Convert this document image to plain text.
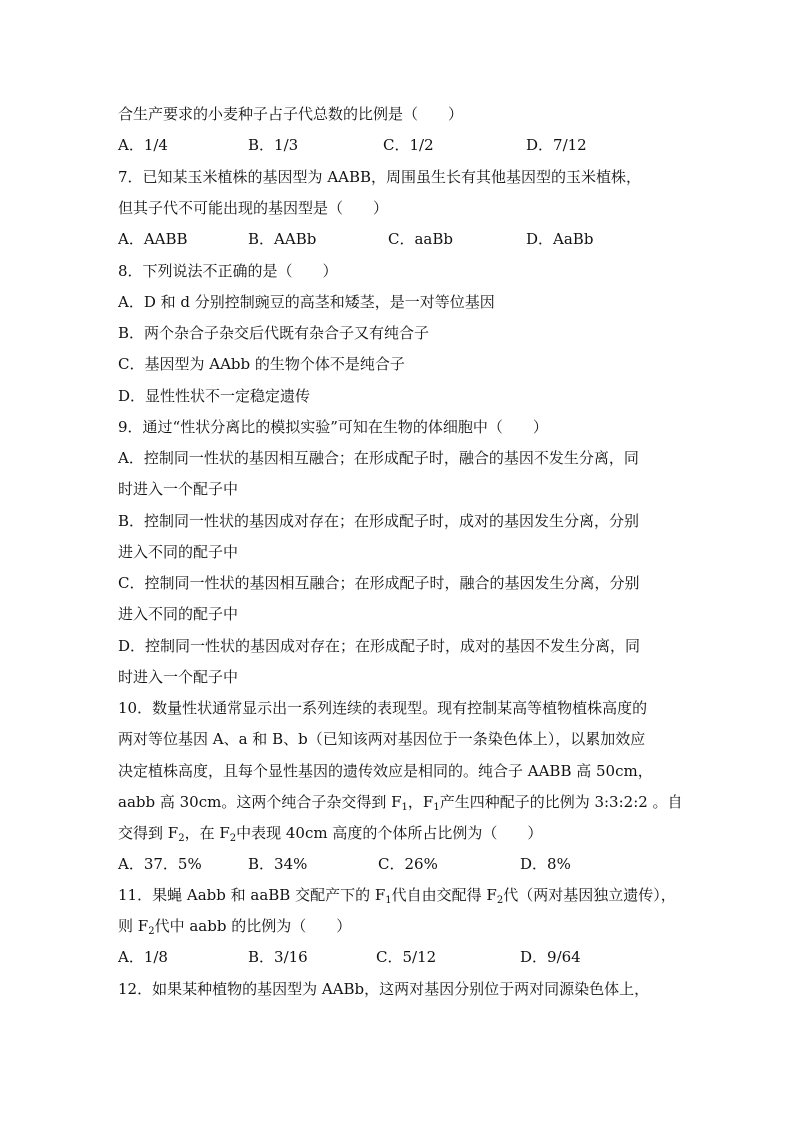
合生产要求的小麦种子占子代总数的比例是（　　）
A．1/4	B．1/3	C．1/2	D．7/12
7．已知某玉米植株的基因型为 AABB，周围虽生长有其他基因型的玉米植株，
但其子代不可能出现的基因型是（　　）
A．AABB	B．AABb	C．aaBb	D．AaBb
8．下列说法不正确的是（　　）
A．D 和 d 分别控制豌豆的高茎和矮茎，是一对等位基因
B．两个杂合子杂交后代既有杂合子又有纯合子
C．基因型为 AAbb 的生物个体不是纯合子
D．显性性状不一定稳定遗传
9．通过“性状分离比的模拟实验”可知在生物的体细胞中（　　）
A．控制同一性状的基因相互融合；在形成配子时，融合的基因不发生分离，同
时进入一个配子中
B．控制同一性状的基因成对存在；在形成配子时，成对的基因发生分离，分别
进入不同的配子中
C．控制同一性状的基因相互融合；在形成配子时，融合的基因发生分离，分别
进入不同的配子中
D．控制同一性状的基因成对存在；在形成配子时，成对的基因不发生分离，同
时进入一个配子中
10．数量性状通常显示出一系列连续的表现型。现有控制某高等植物植株高度的
两对等位基因 A、a 和 B、b（已知该两对基因位于一条染色体上），以累加效应
决定植株高度，且每个显性基因的遗传效应是相同的。纯合子 AABB 高 50cm，
aabb 高 30cm。这两个纯合子杂交得到 $F_1$，$F_1$产生四种配子的比例为 3:3:2:2 。自
交得到 $F_2$，在 $F_2$中表现 40cm 高度的个体所占比例为（　　）
A．37．5%	B．34%	C．26%	D．8%
11．果蝇 Aabb 和 aaBB 交配产下的 $F_1$代自由交配得 $F_2$代（两对基因独立遗传），
则 $F_2$代中 aabb 的比例为（　　）
A．1/8	B．3/16	C．5/12	D．9/64
12．如果某种植物的基因型为 AABb，这两对基因分别位于两对同源染色体上，
